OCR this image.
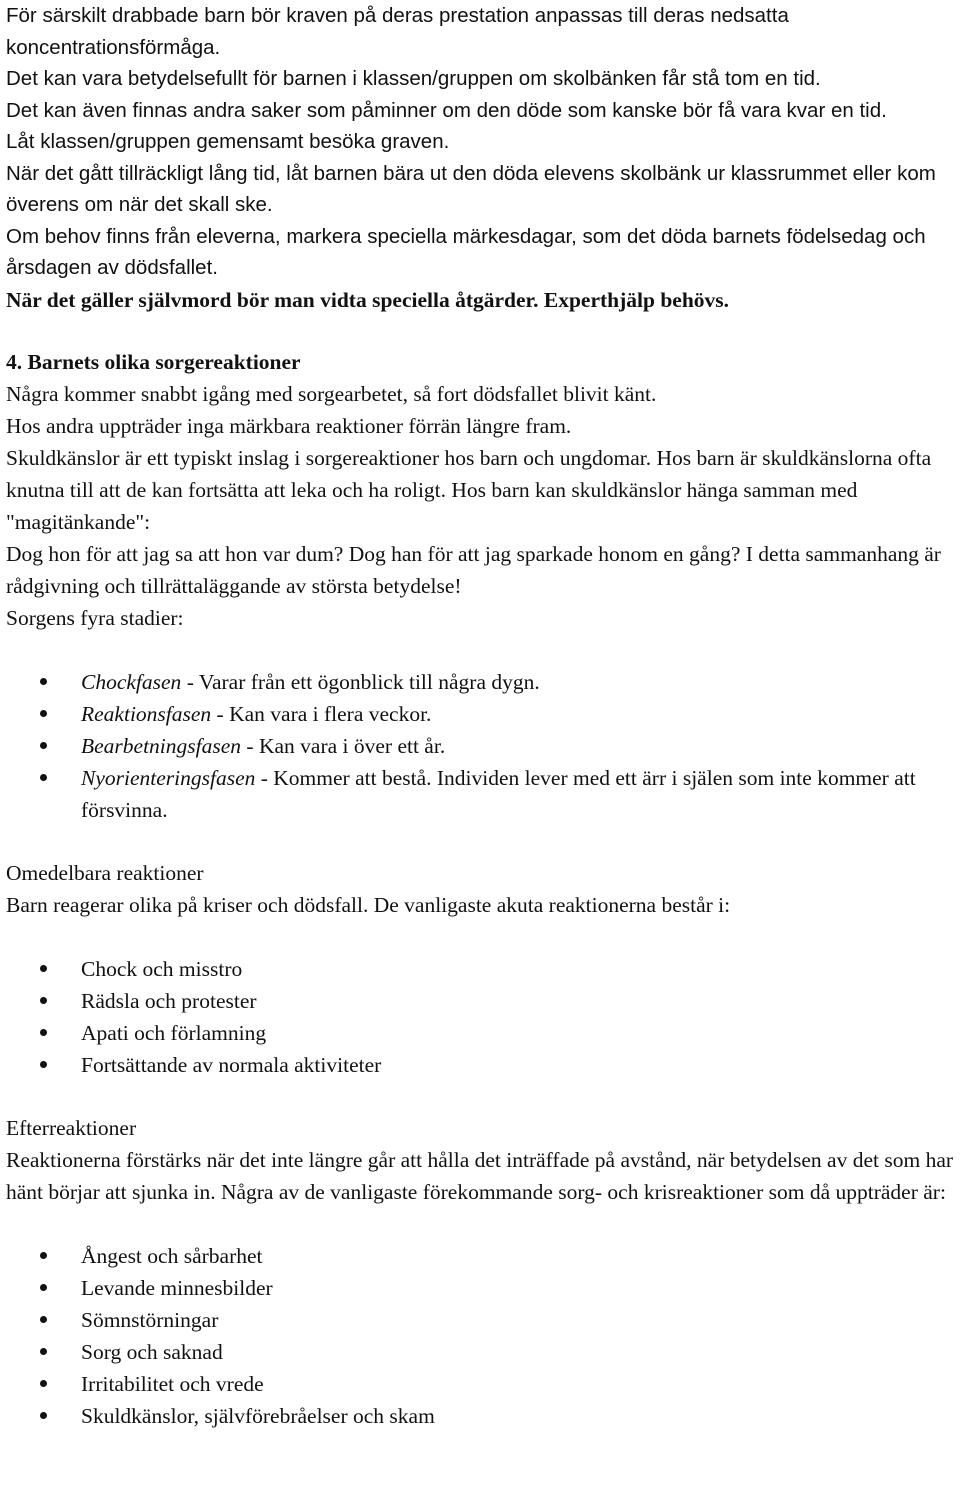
För särskilt drabbade barn bör kraven på deras prestation anpassas till deras nedsatta koncentrationsförmåga.

Det kan vara betydelsefullt för barnen i klassen/gruppen om skolbänken får stå tom en tid.

Det kan även finnas andra saker som påminner om den döde som kanske bör få vara kvar en tid.

Låt klassen/gruppen gemensamt besöka graven.

När det gått tillräckligt lång tid, låt barnen bära ut den döda elevens skolbänk ur klassrummet eller kom överens om när det skall ske.

Om behov finns från eleverna, markera speciella märkesdagar, som det döda barnets födelsedag och årsdagen av dödsfallet.

När det gäller självmord bör man vidta speciella åtgärder. Experthjälp behövs.

4. Barnets olika sorgereaktioner

Några kommer snabbt igång med sorgearbetet, så fort dödsfallet blivit känt.

Hos andra uppträder inga märkbara reaktioner förrän längre fram.

Skuldkänslor är ett typiskt inslag i sorgereaktioner hos barn och ungdomar. Hos barn är skuldkänslorna ofta knutna till att de kan fortsätta att leka och ha roligt. Hos barn kan skuldkänslor hänga samman med "magitänkande":

Dog hon för att jag sa att hon var dum? Dog han för att jag sparkade honom en gång? I detta sammanhang är rådgivning och tillrättaläggande av största betydelse!

Sorgens fyra stadier:

Chockfasen - Varar från ett ögonblick till några dygn.
Reaktionsfasen - Kan vara i flera veckor.
Bearbetningsfasen - Kan vara i över ett år.
Nyorienteringsfasen - Kommer att bestå. Individen lever med ett ärr i själen som inte kommer att försvinna.

Omedelbara reaktioner

Barn reagerar olika på kriser och dödsfall. De vanligaste akuta reaktionerna består i:

Chock och misstro
Rädsla och protester
Apati och förlamning
Fortsättande av normala aktiviteter

Efterreaktioner

Reaktionerna förstärks när det inte längre går att hålla det inträffade på avstånd, när betydelsen av det som har hänt börjar att sjunka in. Några av de vanligaste förekommande sorg- och krisreaktioner som då uppträder är:

Ångest och sårbarhet
Levande minnesbilder
Sömnstörningar
Sorg och saknad
Irritabilitet och vrede
Skuldkänslor, självförebråelser och skam
